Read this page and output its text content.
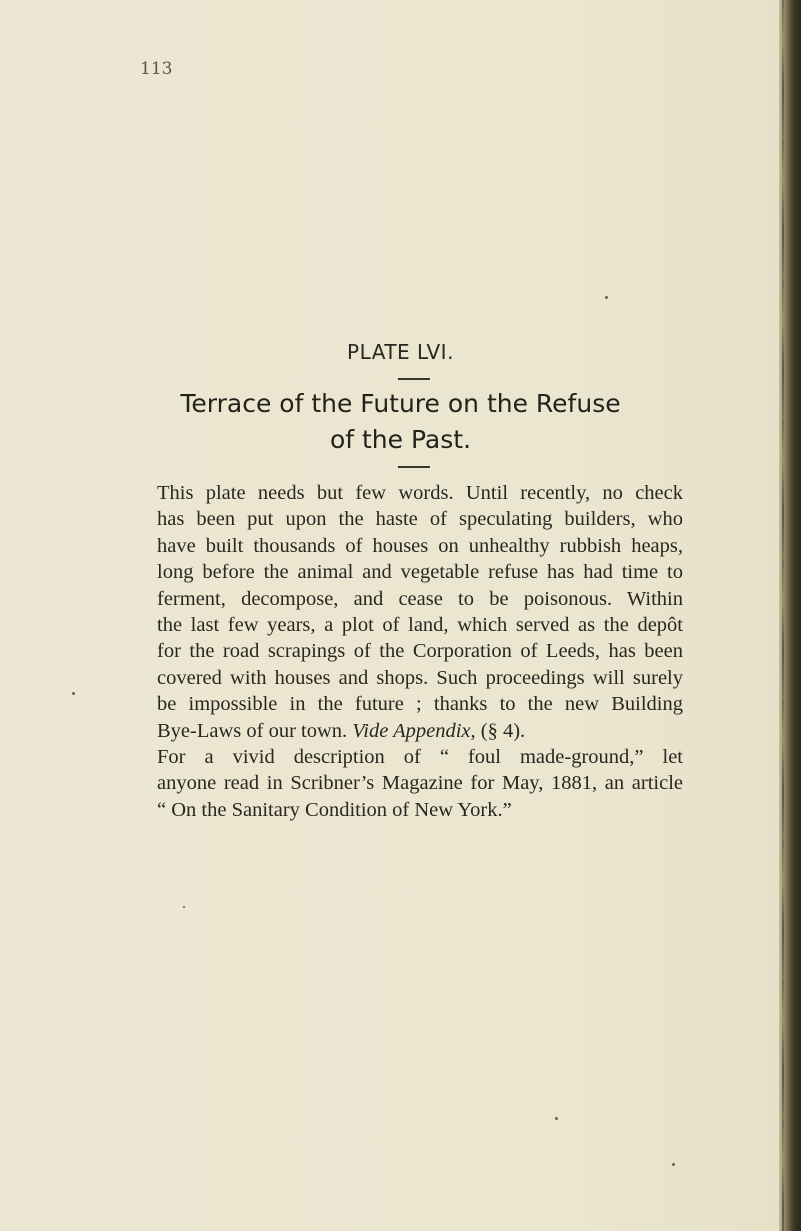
113
PLATE LVI.
Terrace of the Future on the Refuse
of the Past.
This plate needs but few words. Until recently, no check
has been put upon the haste of speculating builders, who
have built thousands of houses on unhealthy rubbish heaps,
long before the animal and vegetable refuse has had time to
ferment, decompose, and cease to be poisonous. Within
the last few years, a plot of land, which served as the depôt
for the road scrapings of the Corporation of Leeds, has been
covered with houses and shops. Such proceedings will surely
be impossible in the future ; thanks to the new Building
Bye-Laws of our town. Vide Appendix, (§ 4).
For a vivid description of “ foul made-ground,” let
anyone read in Scribner’s Magazine for May, 1881, an article
“ On the Sanitary Condition of New York.”
